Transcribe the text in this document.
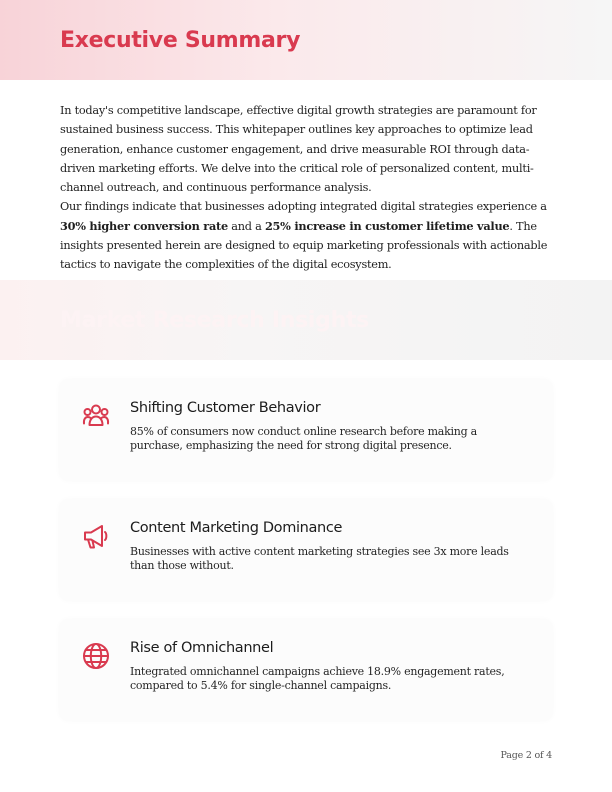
Executive Summary

In today's competitive landscape, effective digital growth strategies are paramount for sustained business success. This whitepaper outlines key approaches to optimize lead generation, enhance customer engagement, and drive measurable ROI through data-driven marketing efforts. We delve into the critical role of personalized content, multi-channel outreach, and continuous performance analysis.

Our findings indicate that businesses adopting integrated digital strategies experience a 30% higher conversion rate and a 25% increase in customer lifetime value. The insights presented herein are designed to equip marketing professionals with actionable tactics to navigate the complexities of the digital ecosystem.

Market Research Insights
Shifting Customer Behavior

85% of consumers now conduct online research before making a purchase, emphasizing the need for strong digital presence.

Content Marketing Dominance

Businesses with active content marketing strategies see 3x more leads than those without.

Rise of Omnichannel

Integrated omnichannel campaigns achieve 18.9% engagement rates, compared to 5.4% for single-channel campaigns.

Page 2 of 4
